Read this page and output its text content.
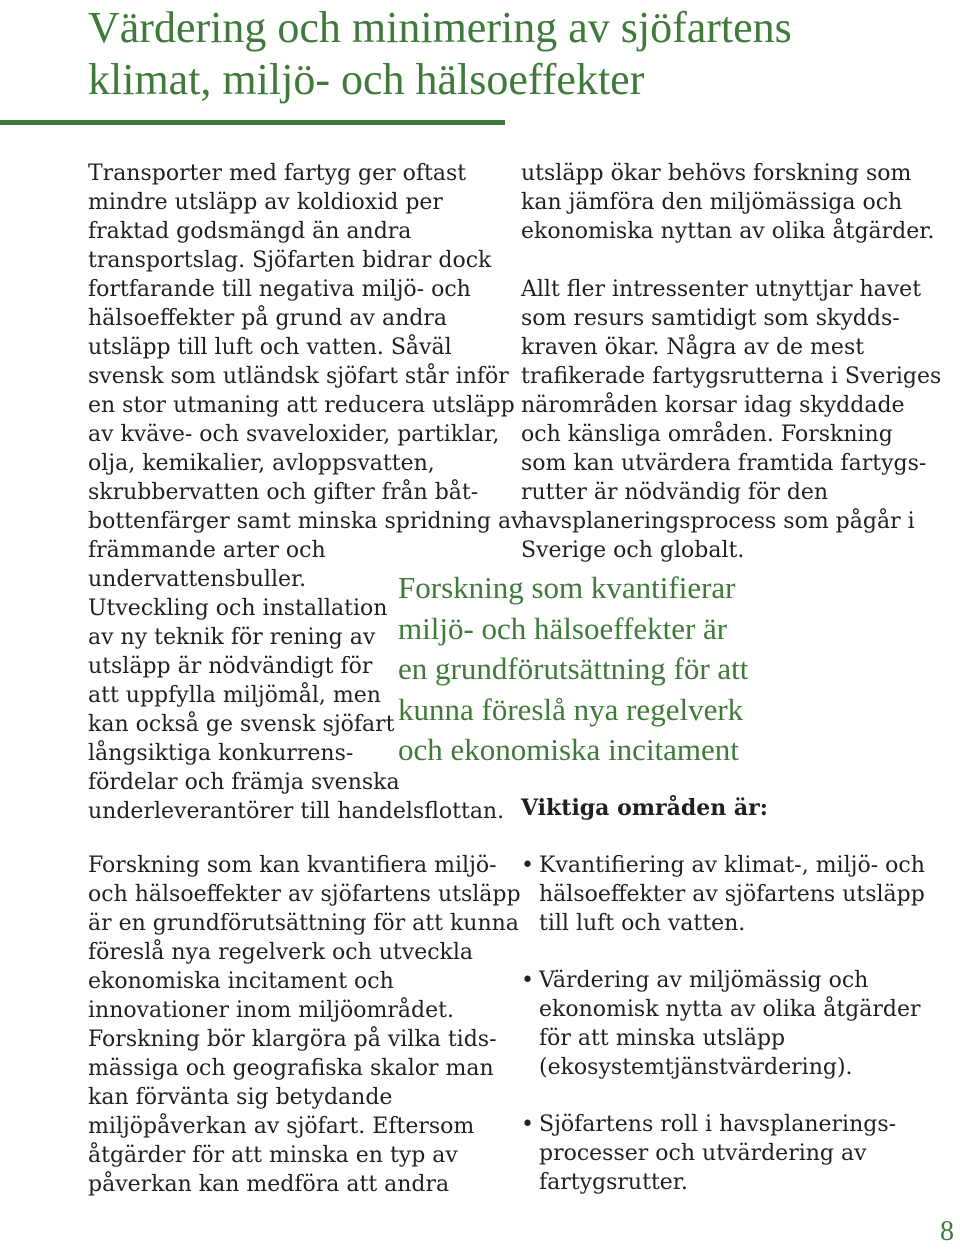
Värdering och minimering av sjöfartens
klimat, miljö- och hälsoeffekter

Transporter med fartyg ger oftast
mindre utsläpp av koldioxid per
fraktad godsmängd än andra
transportslag. Sjöfarten bidrar dock
fortfarande till negativa miljö- och
hälsoeffekter på grund av andra
utsläpp till luft och vatten. Såväl
svensk som utländsk sjöfart står inför
en stor utmaning att reducera utsläpp
av kväve- och svaveloxider, partiklar,
olja, kemikalier, avloppsvatten,
skrubbervatten och gifter från båt-
bottenfärger samt minska spridning av
främmande arter och
undervattensbuller.
Utveckling och installation
av ny teknik för rening av
utsläpp är nödvändigt för
att uppfylla miljömål, men
kan också ge svensk sjöfart
långsiktiga konkurrens-
fördelar och främja svenska
underleverantörer till handelsflottan.

Forskning som kan kvantifiera miljö-
och hälsoeffekter av sjöfartens utsläpp
är en grundförutsättning för att kunna
föreslå nya regelverk och utveckla
ekonomiska incitament och
innovationer inom miljöområdet.
Forskning bör klargöra på vilka tids-
mässiga och geografiska skalor man
kan förvänta sig betydande
miljöpåverkan av sjöfart. Eftersom
åtgärder för att minska en typ av
påverkan kan medföra att andra

utsläpp ökar behövs forskning som
kan jämföra den miljömässiga och
ekonomiska nyttan av olika åtgärder.

Allt fler intressenter utnyttjar havet
som resurs samtidigt som skydds-
kraven ökar. Några av de mest
trafikerade fartygsrutterna i Sveriges
närområden korsar idag skyddade
och känsliga områden. Forskning
som kan utvärdera framtida fartygs-
rutter är nödvändig för den
havsplaneringsprocess som pågår i
Sverige och globalt.

Forskning som kvantifierar
miljö- och hälsoeffekter är
en grundförutsättning för att
kunna föreslå nya regelverk
och ekonomiska incitament

Viktiga områden är:

• Kvantifiering av klimat-, miljö- och
hälsoeffekter av sjöfartens utsläpp
till luft och vatten.
• Värdering av miljömässig och
ekonomisk nytta av olika åtgärder
för att minska utsläpp
(ekosystemtjänstvärdering).
• Sjöfartens roll i havsplanerings-
processer och utvärdering av
fartygsrutter.

8
